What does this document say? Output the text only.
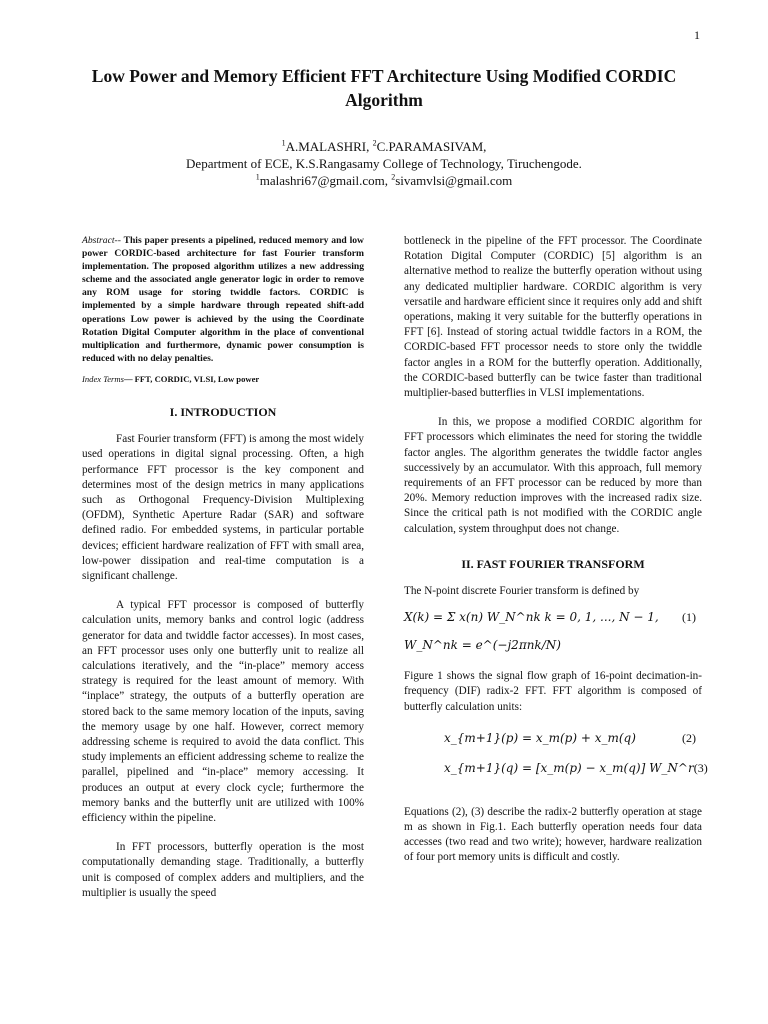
1
Low Power and Memory Efficient FFT Architecture Using Modified CORDIC Algorithm
$^1$A.MALASHRI, $^2$C.PARAMASIVAM,
Department of ECE, K.S.Rangasamy College of Technology, Tiruchengode.
$^1$malashri67@gmail.com, $^2$sivamvlsi@gmail.com

Abstract-- This paper presents a pipelined, reduced memory and low power CORDIC-based architecture for fast Fourier transform implementation. The proposed algorithm utilizes a new addressing scheme and the associated angle generator logic in order to remove any ROM usage for storing twiddle factors. CORDIC is implemented by a simple hardware through repeated shift-add operations Low power is achieved by the using the Coordinate Rotation Digital Computer algorithm in the place of conventional multiplication and furthermore, dynamic power consumption is reduced with no delay penalties.

Index Terms— FFT, CORDIC, VLSI, Low power

I. INTRODUCTION

Fast Fourier transform (FFT) is among the most widely used operations in digital signal processing. Often, a high performance FFT processor is the key component and determines most of the design metrics in many applications such as Orthogonal Frequency-Division Multiplexing (OFDM), Synthetic Aperture Radar (SAR) and software defined radio. For embedded systems, in particular portable devices; efficient hardware realization of FFT with small area, low-power dissipation and real-time computation is a significant challenge.

A typical FFT processor is composed of butterfly calculation units, memory banks and control logic (address generator for data and twiddle factor accesses). In most cases, an FFT processor uses only one butterfly unit to realize all calculations iteratively, and the “in-place” memory access strategy is required for the least amount of memory. With “inplace” strategy, the outputs of a butterfly operation are stored back to the same memory location of the inputs, saving the memory usage by one half. However, correct memory addressing scheme is required to avoid the data conflict. This study implements an efficient addressing scheme to realize the parallel, pipelined and “in-place” memory accessing. It produces an output at every clock cycle; furthermore the memory banks and the butterfly unit are utilized with 100% efficiency within the pipeline.

In FFT processors, butterfly operation is the most computationally demanding stage. Traditionally, a butterfly unit is composed of complex adders and multipliers, and the multiplier is usually the speed

bottleneck in the pipeline of the FFT processor. The Coordinate Rotation Digital Computer (CORDIC) [5] algorithm is an alternative method to realize the butterfly operation without using any dedicated multiplier hardware. CORDIC algorithm is very versatile and hardware efficient since it requires only add and shift operations, making it very suitable for the butterfly operations in FFT [6]. Instead of storing actual twiddle factors in a ROM, the CORDIC-based FFT processor needs to store only the twiddle factor angles in a ROM for the butterfly operation. Additionally, the CORDIC-based butterfly can be twice faster than traditional multiplier-based butterflies in VLSI implementations.

In this, we propose a modified CORDIC algorithm for FFT processors which eliminates the need for storing the twiddle factor angles. The algorithm generates the twiddle factor angles successively by an accumulator. With this approach, full memory requirements of an FFT processor can be reduced by more than 20%. Memory reduction improves with the increased radix size. Since the critical path is not modified with the CORDIC angle calculation, system throughput does not change.

II. FAST FOURIER TRANSFORM

The N-point discrete Fourier transform is defined by

X(k) = Σ x(n) W_N^nk k = 0, 1, ..., N − 1, (1)
W_N^nk = e^(−j2πnk/N)

Figure 1 shows the signal flow graph of 16-point decimation-in-frequency (DIF) radix-2 FFT. FFT algorithm is composed of butterfly calculation units:

x_{m+1}(p) = x_m(p) + x_m(q)	(2)
x_{m+1}(q) = [x_m(p) − x_m(q)] W_N^r (3)

Equations (2), (3) describe the radix-2 butterfly operation at stage m as shown in Fig.1. Each butterfly operation needs four data accesses (two read and two write); however, hardware realization of four port memory units is difficult and costly.
